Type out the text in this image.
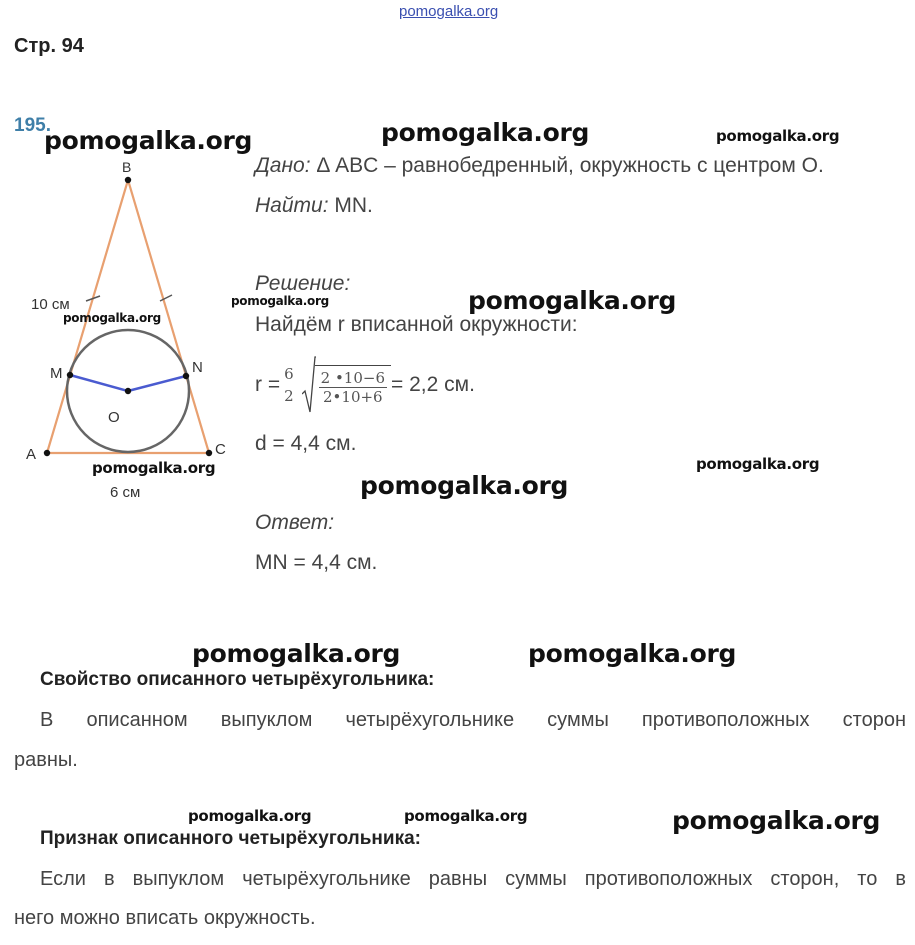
pomogalka.org
Стр. 94
195.
B
A	C
M	N
O
10 см
6 см
Дано: Δ ABC – равнобедренный, окружность с центром O.
Найти: MN.
Решение:
Найдём r вписанной окружности:
r = 6
$2 \frac{2 •10-6}{2•10+6} = 2,2$ см.
d = 4,4 см.
Ответ:
MN = 4,4 см.
Свойство описанного четырёхугольника:
В описанном выпуклом четырёхугольнике суммы противоположных сторон
равны.
Признак описанного четырёхугольника:
Если в выпуклом четырёхугольнике равны суммы противоположных сторон, то в
него можно вписать окружность.
pomogalka.org	pomogalka.org	pomogalka.org
pomogalka.org	pomogalka.org
pomogalka.org
pomogalka.org	pomogalka.org
pomogalka.org
pomogalka.org	pomogalka.org
pomogalka.org	pomogalka.org	pomogalka.org
